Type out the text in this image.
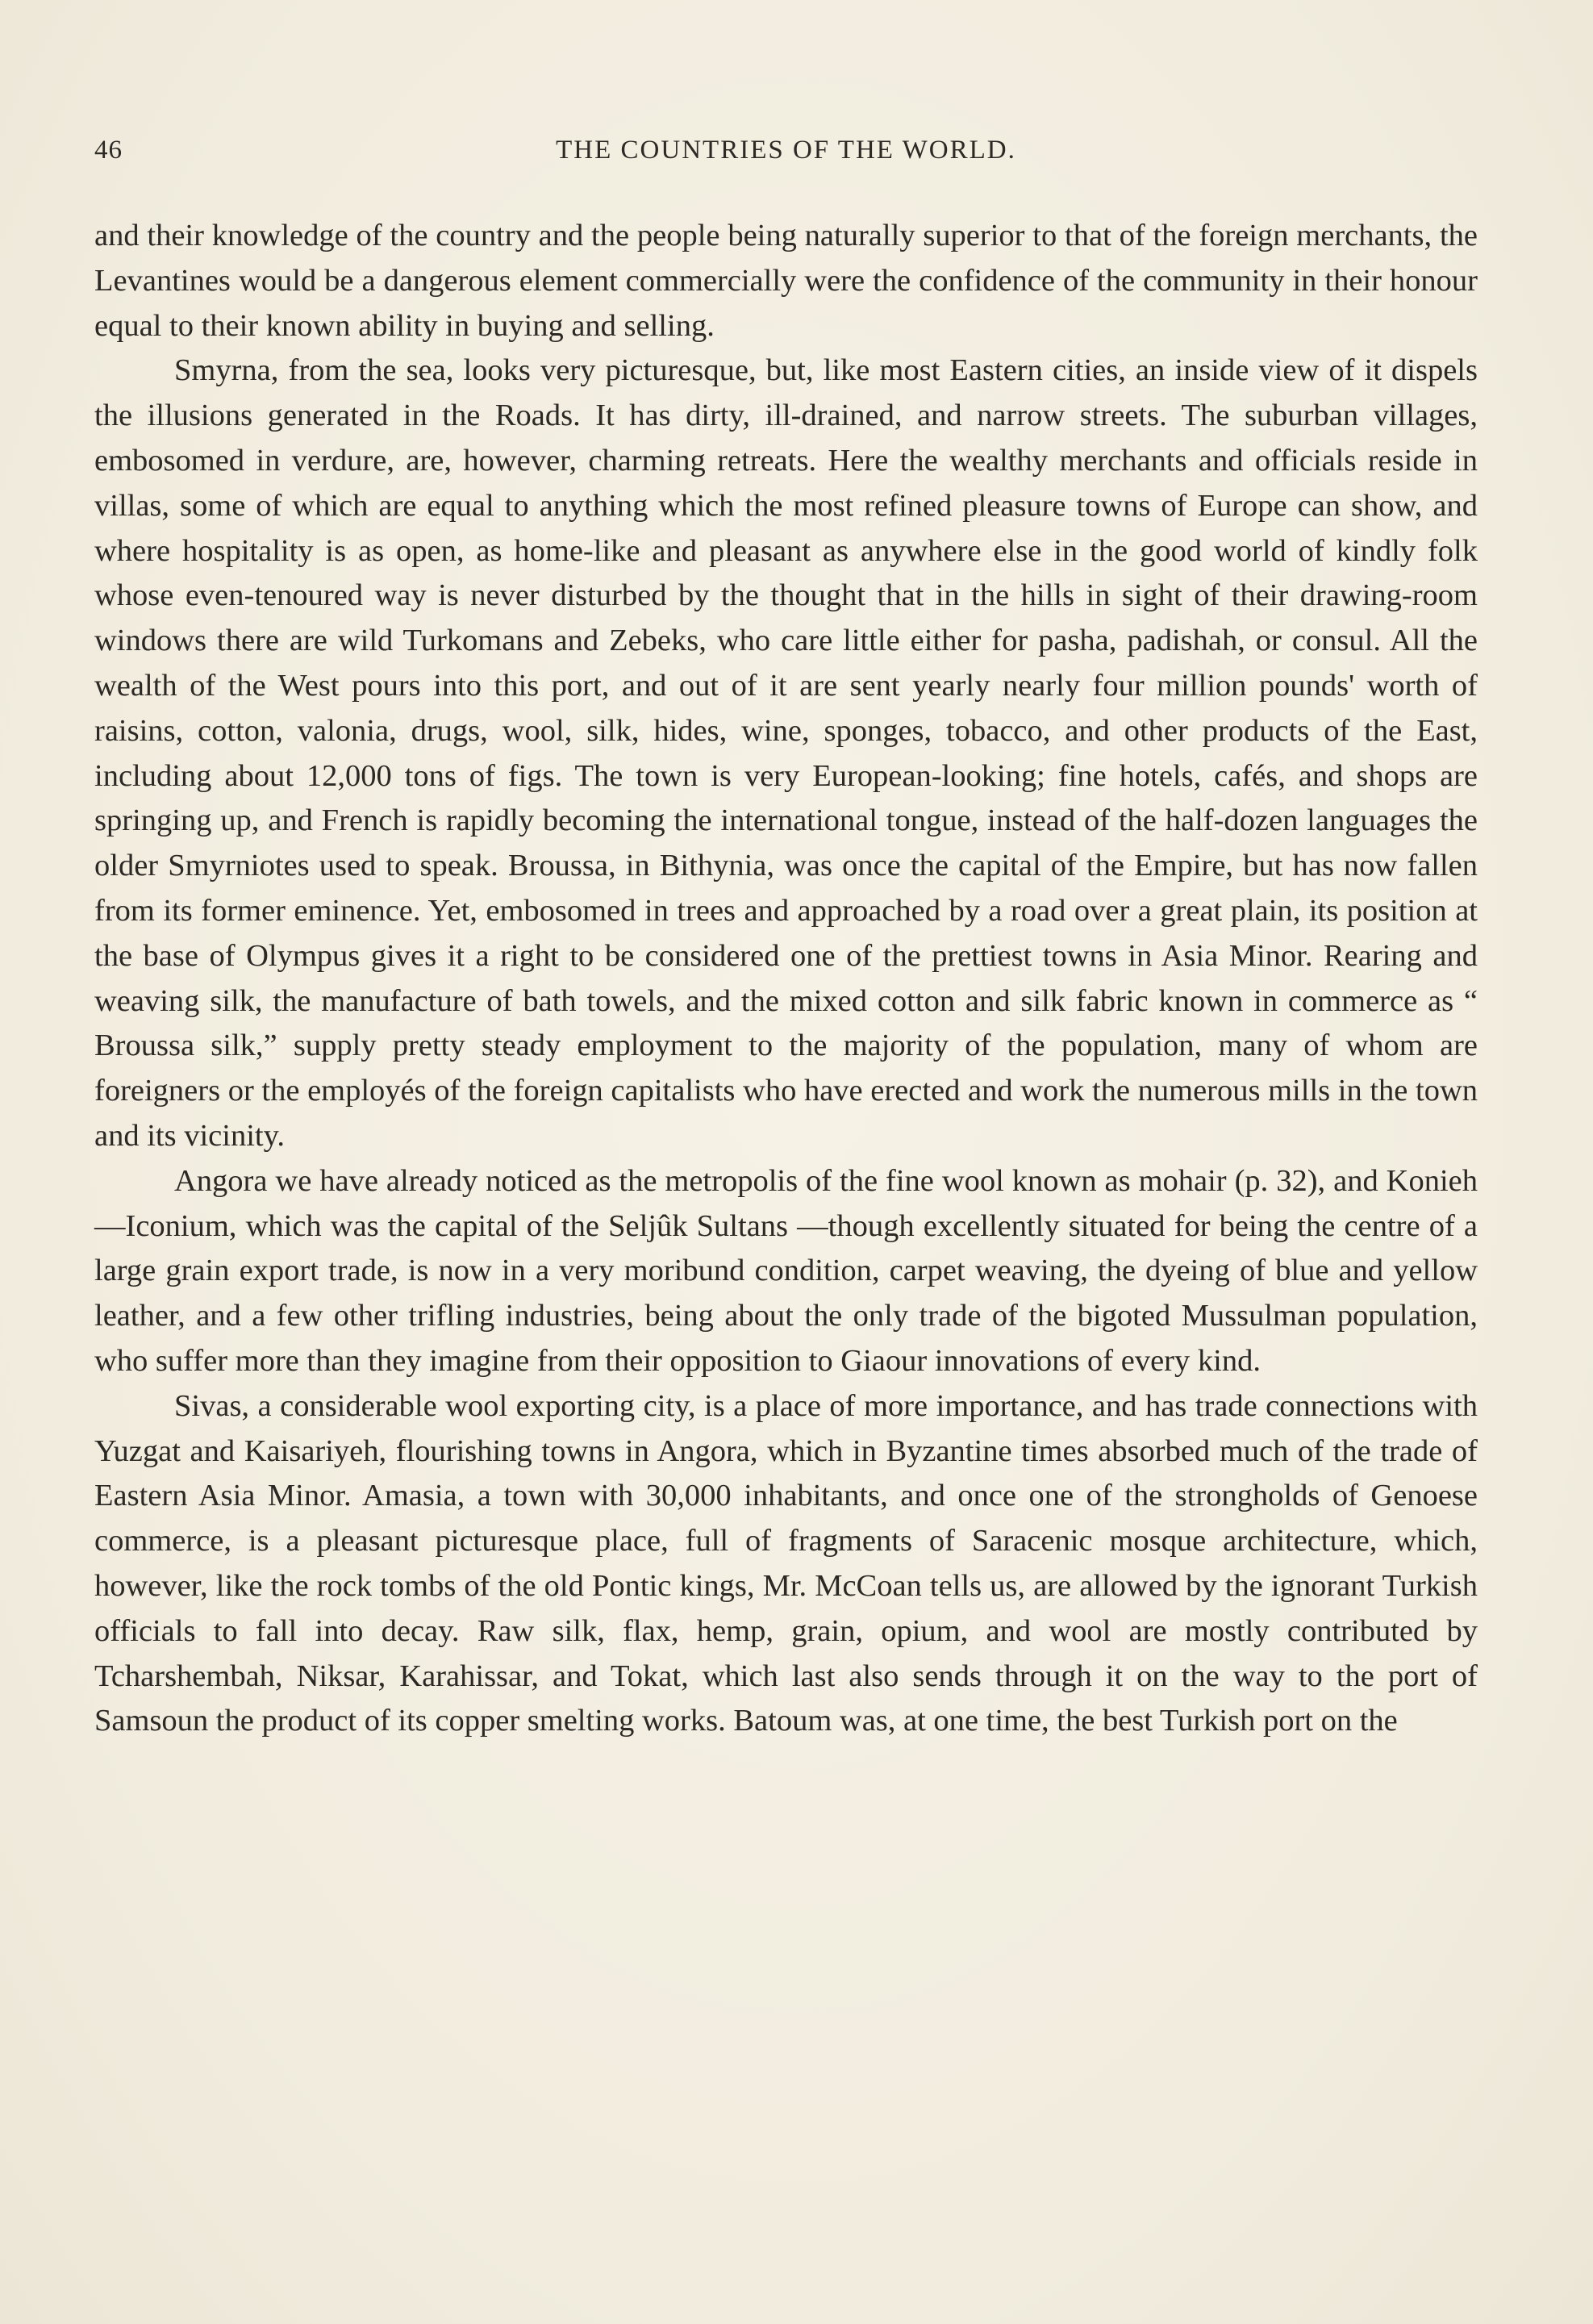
46	THE COUNTRIES OF THE WORLD.

and their knowledge of the country and the people being naturally superior to that of the foreign merchants, the Levantines would be a dangerous element commercially were the confidence of the community in their honour equal to their known ability in buying and selling.

Smyrna, from the sea, looks very picturesque, but, like most Eastern cities, an inside view of it dispels the illusions generated in the Roads. It has dirty, ill-drained, and narrow streets. The suburban villages, embosomed in verdure, are, however, charming retreats. Here the wealthy merchants and officials reside in villas, some of which are equal to anything which the most refined pleasure towns of Europe can show, and where hospitality is as open, as home-like and pleasant as anywhere else in the good world of kindly folk whose even-tenoured way is never disturbed by the thought that in the hills in sight of their drawing-room windows there are wild Turkomans and Zebeks, who care little either for pasha, padishah, or consul. All the wealth of the West pours into this port, and out of it are sent yearly nearly four million pounds' worth of raisins, cotton, valonia, drugs, wool, silk, hides, wine, sponges, tobacco, and other products of the East, including about 12,000 tons of figs. The town is very European-looking; fine hotels, cafés, and shops are springing up, and French is rapidly becoming the international tongue, instead of the half-dozen languages the older Smyrniotes used to speak. Broussa, in Bithynia, was once the capital of the Empire, but has now fallen from its former eminence. Yet, embosomed in trees and approached by a road over a great plain, its position at the base of Olympus gives it a right to be considered one of the prettiest towns in Asia Minor. Rearing and weaving silk, the manufacture of bath towels, and the mixed cotton and silk fabric known in commerce as “ Broussa silk,” supply pretty steady employment to the majority of the population, many of whom are foreigners or the employés of the foreign capitalists who have erected and work the numerous mills in the town and its vicinity.

Angora we have already noticed as the metropolis of the fine wool known as mohair (p. 32), and Konieh—Iconium, which was the capital of the Seljûk Sultans —though excellently situated for being the centre of a large grain export trade, is now in a very moribund condition, carpet weaving, the dyeing of blue and yellow leather, and a few other trifling industries, being about the only trade of the bigoted Mussulman population, who suffer more than they imagine from their opposition to Giaour innovations of every kind.

Sivas, a considerable wool exporting city, is a place of more importance, and has trade connections with Yuzgat and Kaisariyeh, flourishing towns in Angora, which in Byzantine times absorbed much of the trade of Eastern Asia Minor. Amasia, a town with 30,000 inhabitants, and once one of the strongholds of Genoese commerce, is a pleasant picturesque place, full of fragments of Saracenic mosque architecture, which, however, like the rock tombs of the old Pontic kings, Mr. McCoan tells us, are allowed by the ignorant Turkish officials to fall into decay. Raw silk, flax, hemp, grain, opium, and wool are mostly contributed by Tcharshembah, Niksar, Karahissar, and Tokat, which last also sends through it on the way to the port of Samsoun the product of its copper smelting works. Batoum was, at one time, the best Turkish port on the
